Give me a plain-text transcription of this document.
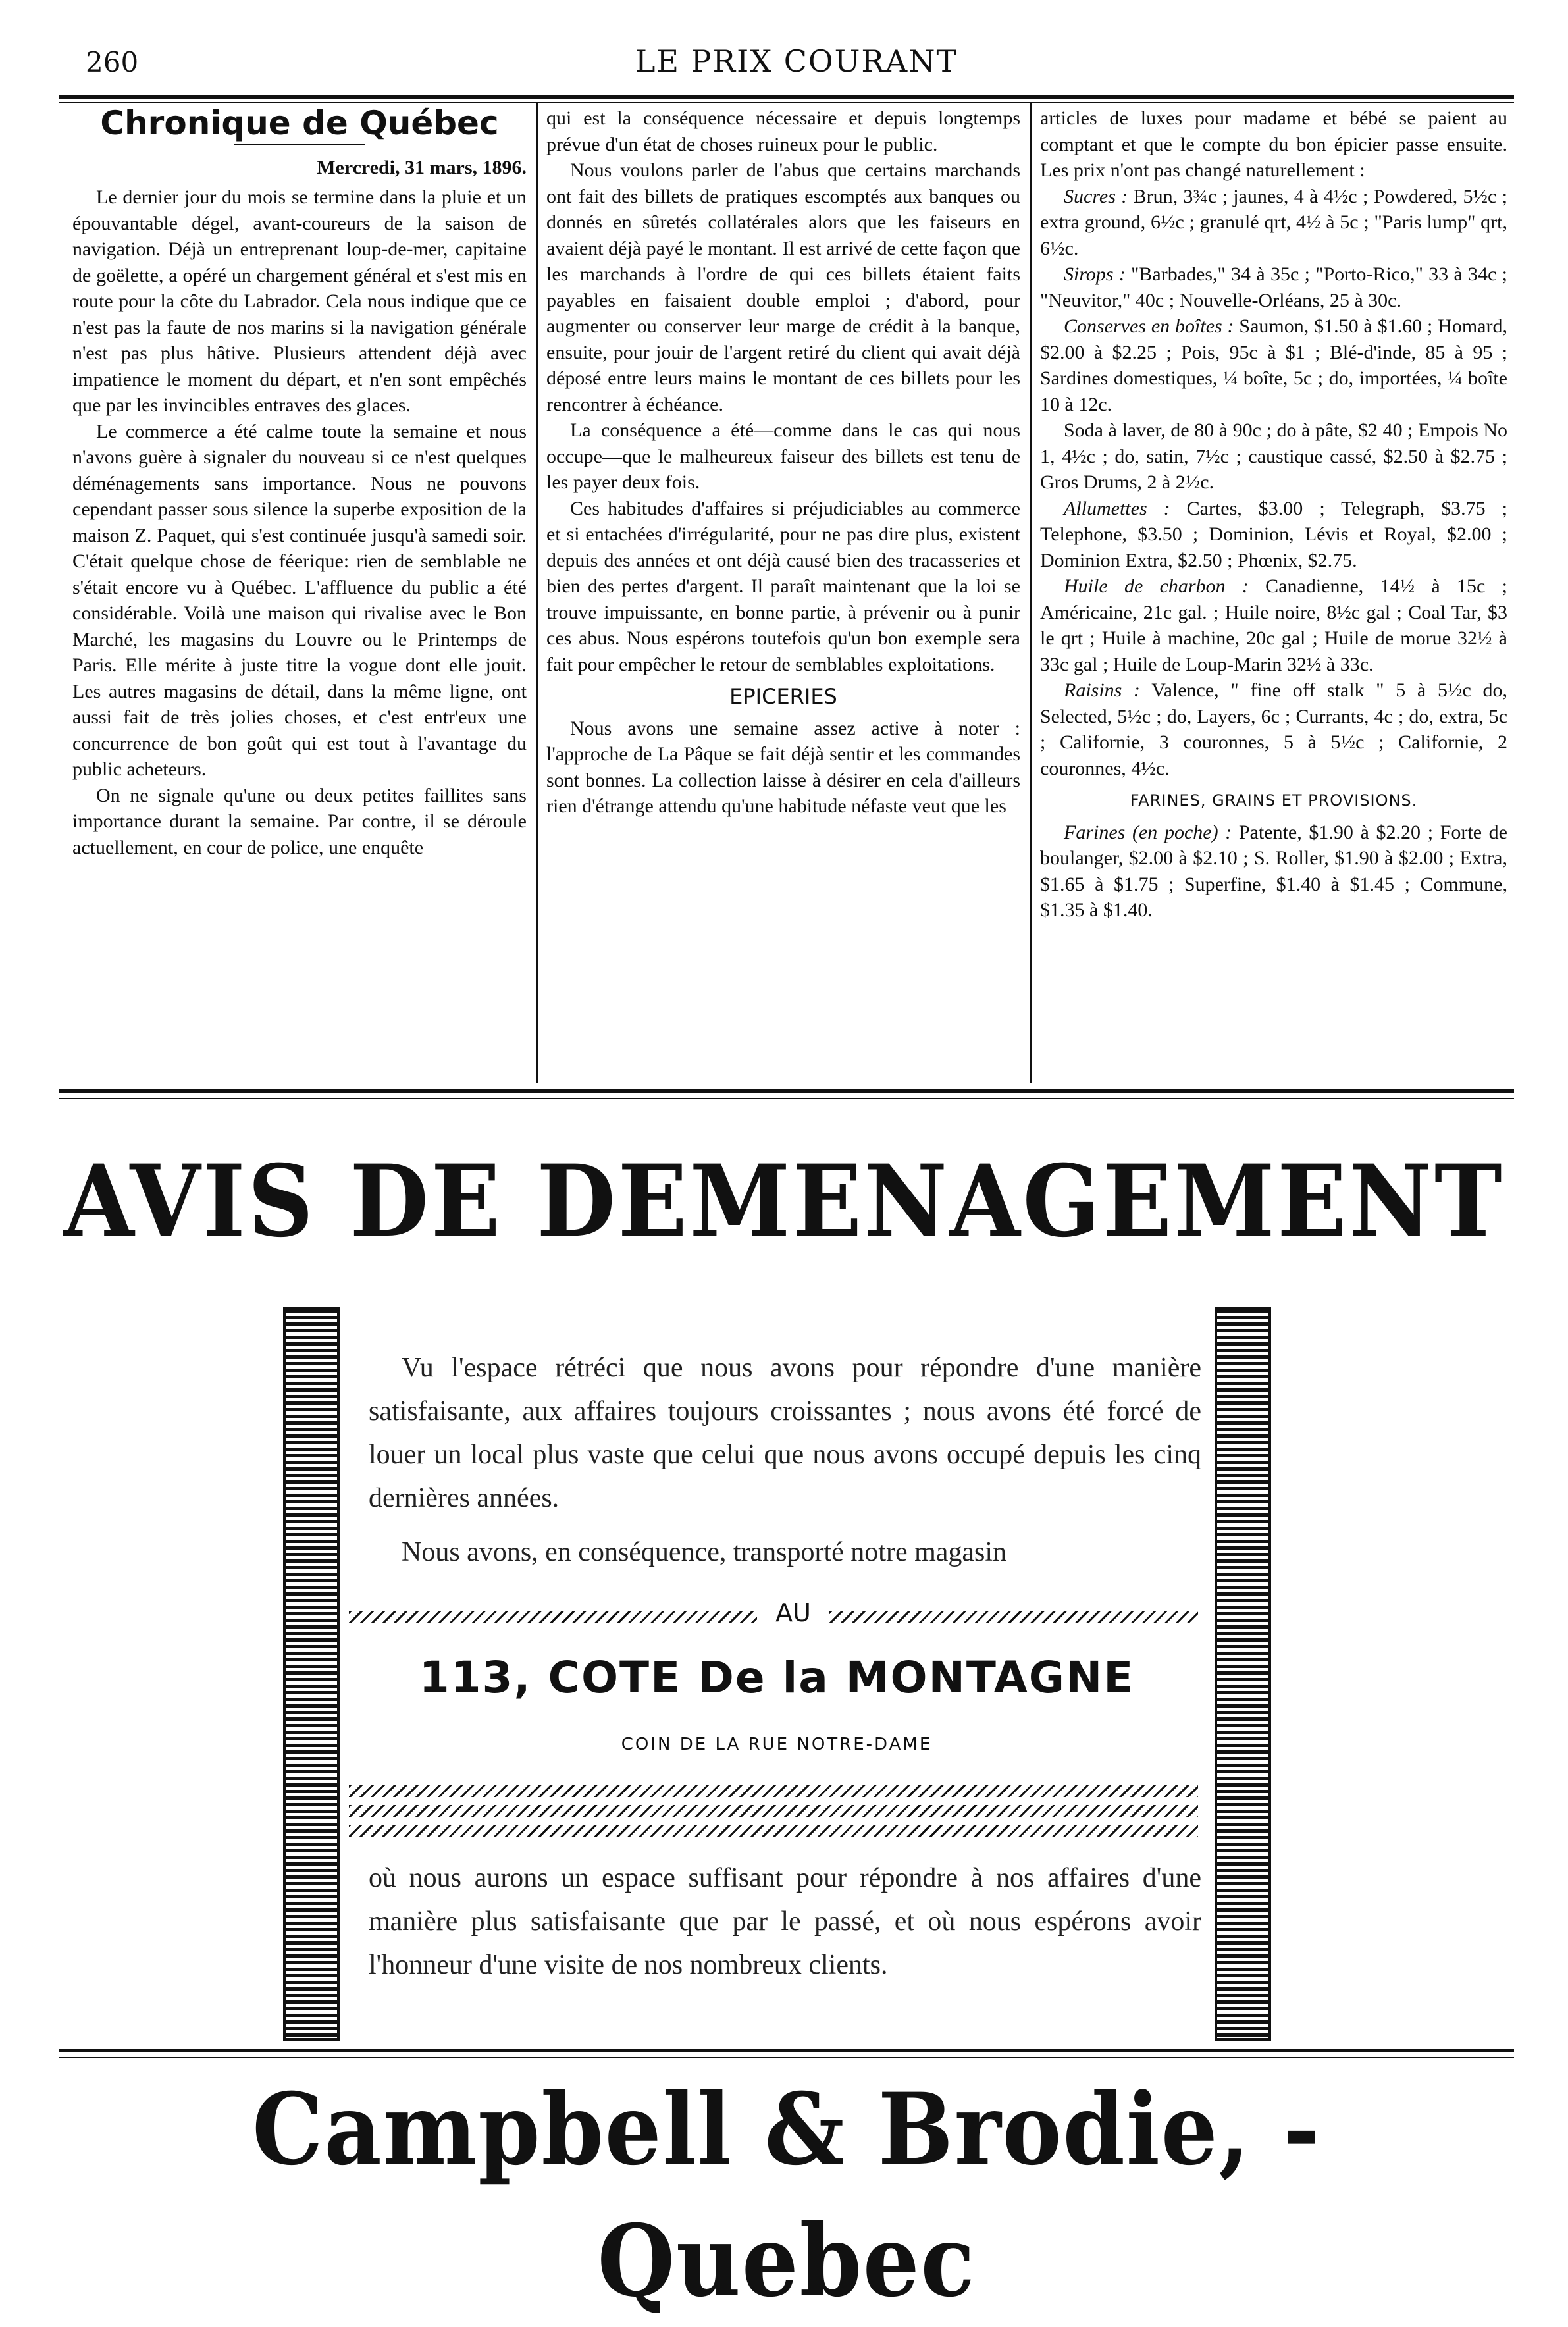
260	LE PRIX COURANT
Chronique de Québec
Mercredi, 31 mars, 1896.

Le dernier jour du mois se termine dans la pluie et un épouvantable dégel, avant-coureurs de la saison de navigation. Déjà un entreprenant loup-de-mer, capitaine de goëlette, a opéré un chargement général et s'est mis en route pour la côte du Labrador. Cela nous indique que ce n'est pas la faute de nos marins si la navigation générale n'est pas plus hâtive. Plusieurs attendent déjà avec impatience le moment du départ, et n'en sont empêchés que par les invincibles entraves des glaces.

Le commerce a été calme toute la semaine et nous n'avons guère à signaler du nouveau si ce n'est quelques déménagements sans importance. Nous ne pouvons cependant passer sous silence la superbe exposition de la maison Z. Paquet, qui s'est continuée jusqu'à samedi soir. C'était quelque chose de féerique: rien de semblable ne s'était encore vu à Québec. L'affluence du public a été considérable. Voilà une maison qui rivalise avec le Bon Marché, les magasins du Louvre ou le Printemps de Paris. Elle mérite à juste titre la vogue dont elle jouit. Les autres magasins de détail, dans la même ligne, ont aussi fait de très jolies choses, et c'est entr'eux une concurrence de bon goût qui est tout à l'avantage du public acheteurs.

On ne signale qu'une ou deux petites faillites sans importance durant la semaine. Par contre, il se déroule actuellement, en cour de police, une enquête

qui est la conséquence nécessaire et depuis longtemps prévue d'un état de choses ruineux pour le public.

Nous voulons parler de l'abus que certains marchands ont fait des billets de pratiques escomptés aux banques ou donnés en sûretés collatérales alors que les faiseurs en avaient déjà payé le montant. Il est arrivé de cette façon que les marchands à l'ordre de qui ces billets étaient faits payables en faisaient double emploi ; d'abord, pour augmenter ou conserver leur marge de crédit à la banque, ensuite, pour jouir de l'argent retiré du client qui avait déjà déposé entre leurs mains le montant de ces billets pour les rencontrer à échéance.

La conséquence a été—comme dans le cas qui nous occupe—que le malheureux faiseur des billets est tenu de les payer deux fois.

Ces habitudes d'affaires si préjudiciables au commerce et si entachées d'irrégularité, pour ne pas dire plus, existent depuis des années et ont déjà causé bien des tracasseries et bien des pertes d'argent. Il paraît maintenant que la loi se trouve impuissante, en bonne partie, à prévenir ou à punir ces abus. Nous espérons toutefois qu'un bon exemple sera fait pour empêcher le retour de semblables exploitations.

EPICERIES

Nous avons une semaine assez active à noter : l'approche de La Pâque se fait déjà sentir et les commandes sont bonnes. La collection laisse à désirer en cela d'ailleurs rien d'étrange attendu qu'une habitude néfaste veut que les

articles de luxes pour madame et bébé se paient au comptant et que le compte du bon épicier passe ensuite. Les prix n'ont pas changé naturellement :

Sucres : Brun, 3¾c ; jaunes, 4 à 4½c ; Powdered, 5½c ; extra ground, 6½c ; granulé qrt, 4½ à 5c ; "Paris lump" qrt, 6½c.

Sirops : "Barbades," 34 à 35c ; "Porto-Rico," 33 à 34c ; "Neuvitor," 40c ; Nouvelle-Orléans, 25 à 30c.

Conserves en boîtes : Saumon, $1.50 à $1.60 ; Homard, $2.00 à $2.25 ; Pois, 95c à $1 ; Blé-d'inde, 85 à 95 ; Sardines domestiques, ¼ boîte, 5c ; do, importées, ¼ boîte 10 à 12c.

Soda à laver, de 80 à 90c ; do à pâte, $2 40 ; Empois No 1, 4½c ; do, satin, 7½c ; caustique cassé, $2.50 à $2.75 ; Gros Drums, 2 à 2½c.

Allumettes : Cartes, $3.00 ; Telegraph, $3.75 ; Telephone, $3.50 ; Dominion, Lévis et Royal, $2.00 ; Dominion Extra, $2.50 ; Phœnix, $2.75.

Huile de charbon : Canadienne, 14½ à 15c ; Américaine, 21c gal. ; Huile noire, 8½c gal ; Coal Tar, $3 le qrt ; Huile à machine, 20c gal ; Huile de morue 32½ à 33c gal ; Huile de Loup-Marin 32½ à 33c.

Raisins : Valence, " fine off stalk " 5 à 5½c do, Selected, 5½c ; do, Layers, 6c ; Currants, 4c ; do, extra, 5c ; Californie, 3 couronnes, 5 à 5½c ; Californie, 2 couronnes, 4½c.

FARINES, GRAINS ET PROVISIONS.

Farines (en poche) : Patente, $1.90 à $2.20 ; Forte de boulanger, $2.00 à $2.10 ; S. Roller, $1.90 à $2.00 ; Extra, $1.65 à $1.75 ; Superfine, $1.40 à $1.45 ; Commune, $1.35 à $1.40.

AVIS DE DEMENAGEMENT

Vu l'espace rétréci que nous avons pour répondre d'une manière satisfaisante, aux affaires toujours croissantes ; nous avons été forcé de louer un local plus vaste que celui que nous avons occupé depuis les cinq dernières années.

Nous avons, en conséquence, transporté notre magasin

AU
113, COTE De la MONTAGNE
COIN DE LA RUE NOTRE-DAME

où nous aurons un espace suffisant pour répondre à nos affaires d'une manière plus satisfaisante que par le passé, et où nous espérons avoir l'honneur d'une visite de nos nombreux clients.

Campbell & Brodie, - Quebec
